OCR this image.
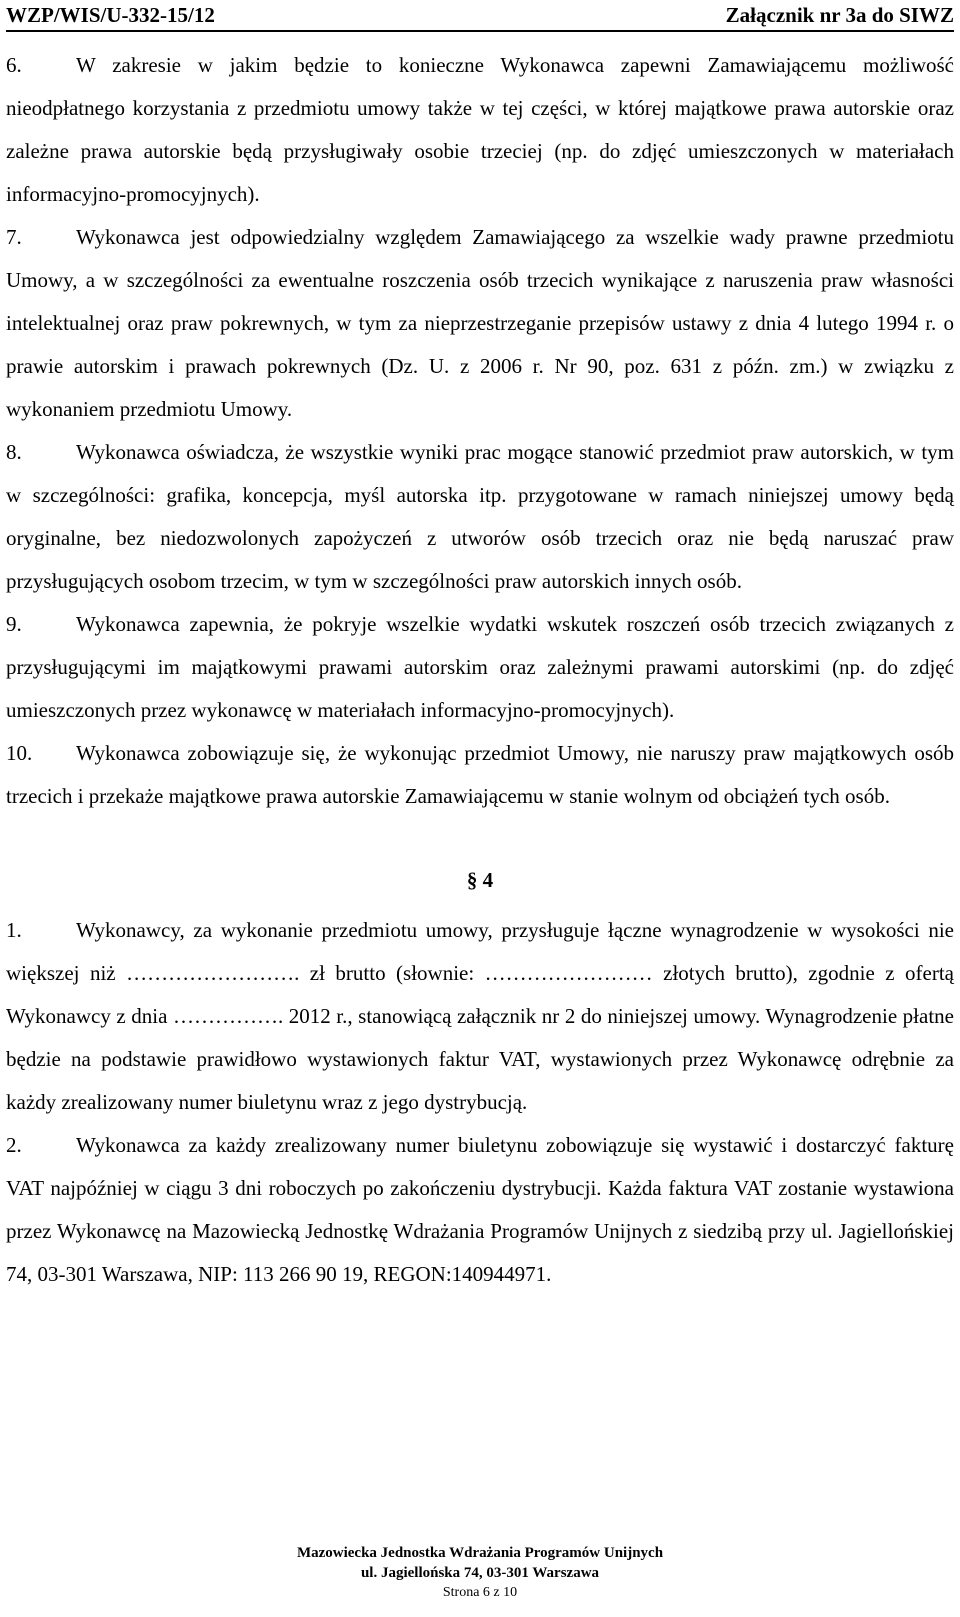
WZP/WIS/U-332-15/12	Załącznik nr 3a do SIWZ

6.	W zakresie w jakim będzie to konieczne Wykonawca zapewni Zamawiającemu możliwość nieodpłatnego korzystania z przedmiotu umowy także w tej części, w której majątkowe prawa autorskie oraz zależne prawa autorskie będą przysługiwały osobie trzeciej (np. do zdjęć umieszczonych w materiałach informacyjno-promocyjnych).

7.	Wykonawca jest odpowiedzialny względem Zamawiającego za wszelkie wady prawne przedmiotu Umowy, a w szczególności za ewentualne roszczenia osób trzecich wynikające z naruszenia praw własności intelektualnej oraz praw pokrewnych, w tym za nieprzestrzeganie przepisów ustawy z dnia 4 lutego 1994 r. o prawie autorskim i prawach pokrewnych (Dz. U. z 2006 r. Nr 90, poz. 631 z późn. zm.) w związku z wykonaniem przedmiotu Umowy.

8.	Wykonawca oświadcza, że wszystkie wyniki prac mogące stanowić przedmiot praw autorskich, w tym w szczególności: grafika, koncepcja, myśl autorska itp. przygotowane w ramach niniejszej umowy będą oryginalne, bez niedozwolonych zapożyczeń z utworów osób trzecich oraz nie będą naruszać praw przysługujących osobom trzecim, w tym w szczególności praw autorskich innych osób.

9.	Wykonawca zapewnia, że pokryje wszelkie wydatki wskutek roszczeń osób trzecich związanych z przysługującymi im majątkowymi prawami autorskim oraz zależnymi prawami autorskimi (np. do zdjęć umieszczonych przez wykonawcę w materiałach informacyjno-promocyjnych).

10. Wykonawca zobowiązuje się, że wykonując przedmiot Umowy, nie naruszy praw majątkowych osób trzecich i przekaże majątkowe prawa autorskie Zamawiającemu w stanie wolnym od obciążeń tych osób.

§ 4

1.	Wykonawcy, za wykonanie przedmiotu umowy, przysługuje łączne wynagrodzenie w wysokości nie większej niż ……………………. zł brutto (słownie: …………………… złotych brutto), zgodnie z ofertą Wykonawcy z dnia ……………. 2012 r., stanowiącą załącznik nr 2 do niniejszej umowy. Wynagrodzenie płatne będzie na podstawie prawidłowo wystawionych faktur VAT, wystawionych przez Wykonawcę odrębnie za każdy zrealizowany numer biuletynu wraz z jego dystrybucją.

2.	Wykonawca za każdy zrealizowany numer biuletynu zobowiązuje się wystawić i dostarczyć fakturę VAT najpóźniej w ciągu 3 dni roboczych po zakończeniu dystrybucji. Każda faktura VAT zostanie wystawiona przez Wykonawcę na Mazowiecką Jednostkę Wdrażania Programów Unijnych z siedzibą przy ul. Jagiellońskiej 74, 03-301 Warszawa, NIP: 113 266 90 19, REGON:140944971.

Mazowiecka Jednostka Wdrażania Programów Unijnych
ul. Jagiellońska 74, 03-301 Warszawa
Strona 6 z 10
